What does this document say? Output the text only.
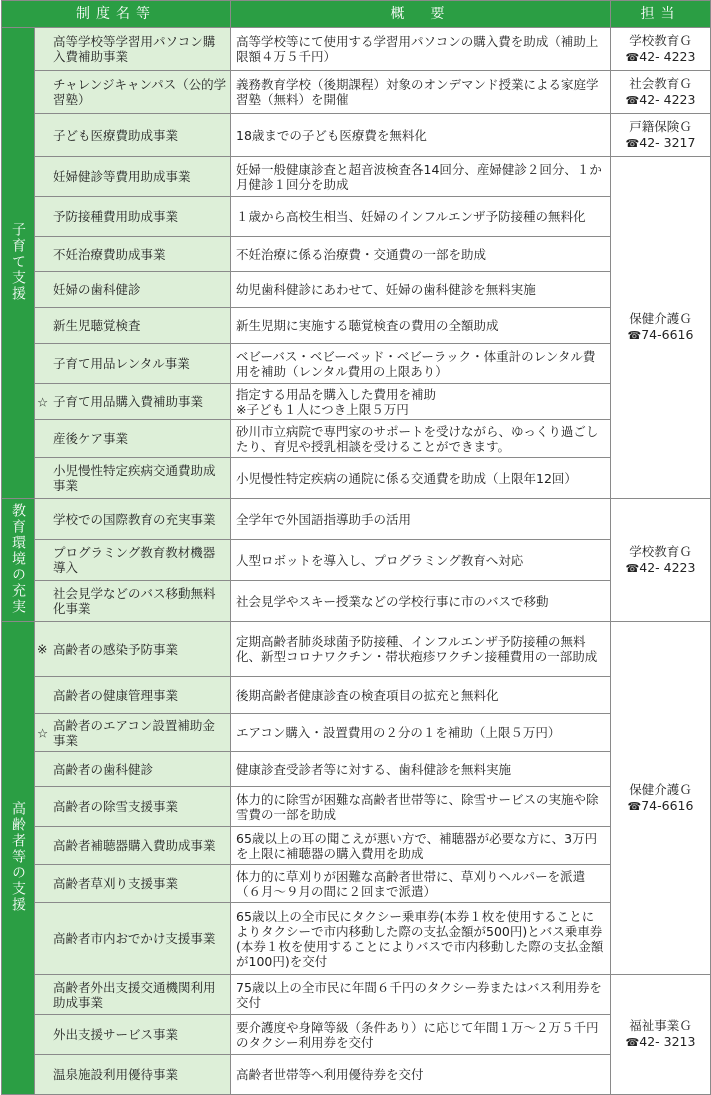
制度名等		概　要	担当
子育て支援	高等学校等学習用パソコン購入費補助事業	高等学校等にて使用する学習用パソコンの購入費を助成（補助上限額４万５千円）	学校教育Ｇ
☎42- 4223

	チャレンジキャンパス（公的学習塾）	義務教育学校（後期課程）対象のオンデマンド授業による家庭学習塾（無料）を開催	社会教育Ｇ
☎42- 4223

	子ども医療費助成事業	18歳までの子ども医療費を無料化	戸籍保険Ｇ
☎42- 3217

	妊婦健診等費用助成事業	妊婦一般健康診査と超音波検査各14回分、産婦健診２回分、１か月健診１回分を助成	保健介護Ｇ
☎74-6616

	予防接種費用助成事業	１歳から高校生相当、妊婦のインフルエンザ予防接種の無料化	
	不妊治療費助成事業	不妊治療に係る治療費・交通費の一部を助成	
	妊婦の歯科健診	幼児歯科健診にあわせて、妊婦の歯科健診を無料実施	
	新生児聴覚検査	新生児期に実施する聴覚検査の費用の全額助成	
	子育て用品レンタル事業	ベビーバス・ベビーベッド・ベビーラック・体重計のレンタル費用を補助（レンタル費用の上限あり）	

	☆ 子育て用品購入費補助事業	指定する用品を購入した費用を補助
※子ども１人につき上限５万円	
	産後ケア事業	砂川市立病院で専門家のサポートを受けながら、ゆっくり過ごしたり、育児や授乳相談を受けることができます。	
	小児慢性特定疾病交通費助成事業	小児慢性特定疾病の通院に係る交通費を助成（上限年12回）	
教育環境の充実	学校での国際教育の充実事業	全学年で外国語指導助手の活用	学校教育Ｇ
☎42- 4223

	プログラミング教育教材機器導入	人型ロボットを導入し、プログラミング教育へ対応	
	社会見学などのバス移動無料化事業	社会見学やスキー授業などの学校行事に市のバスで移動	
高齢者等の支援	※ 高齢者の感染予防事業	定期高齢者肺炎球菌予防接種、インフルエンザ予防接種の無料化、新型コロナワクチン・帯状疱疹ワクチン接種費用の一部助成	保健介護Ｇ
☎74-6616

	高齢者の健康管理事業	後期高齢者健康診査の検査項目の拡充と無料化	

	☆ 高齢者のエアコン設置補助金事業	エアコン購入・設置費用の２分の１を補助（上限５万円）	
	高齢者の歯科健診	健康診査受診者等に対する、歯科健診を無料実施	
	高齢者の除雪支援事業	体力的に除雪が困難な高齢者世帯等に、除雪サービスの実施や除雪費の一部を助成	
	高齢者補聴器購入費助成事業	65歳以上の耳の聞こえが悪い方で、補聴器が必要な方に、3万円を上限に補聴器の購入費用を助成	
	高齢者草刈り支援事業	体力的に草刈りが困難な高齢者世帯に、草刈りヘルパーを派遣（６月～９月の間に２回まで派遣）	
	高齢者市内おでかけ支援事業	65歳以上の全市民にタクシー乗車券(本券１枚を使用することによりタクシーで市内移動した際の支払金額が500円)とバス乗車券(本券１枚を使用することによりバスで市内移動した際の支払金額が100円)を交付	
	高齢者外出支援交通機関利用助成事業	75歳以上の全市民に年間６千円のタクシー券またはバス利用券を交付	福祉事業Ｇ
☎42- 3213

	外出支援サービス事業	要介護度や身障等級（条件あり）に応じて年間１万～２万５千円のタクシー利用券を交付	
	温泉施設利用優待事業	高齢者世帯等へ利用優待券を交付	
